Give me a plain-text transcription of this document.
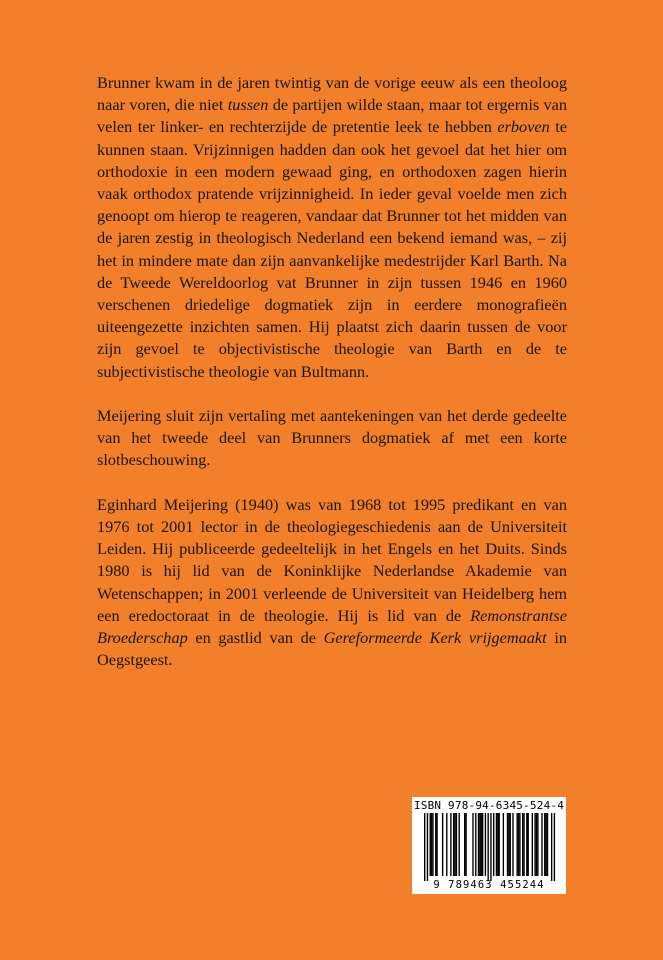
Brunner kwam in de jaren twintig van de vorige eeuw als een theoloog naar voren, die niet tussen de partijen wilde staan, maar tot ergernis van velen ter linker- en rechterzijde de pretentie leek te hebben erboven te kunnen staan. Vrijzinnigen hadden dan ook het gevoel dat het hier om orthodoxie in een modern gewaad ging, en orthodoxen zagen hierin vaak orthodox pratende vrijzinnigheid. In ieder geval voelde men zich genoopt om hierop te reageren, vandaar dat Brunner tot het midden van de jaren zestig in theologisch Nederland een bekend iemand was, – zij het in mindere mate dan zijn aanvankelijke medestrijder Karl Barth. Na de Tweede Wereldoorlog vat Brunner in zijn tussen 1946 en 1960 verschenen driedelige dogmatiek zijn in eerdere monografieën uiteengezette inzichten samen. Hij plaatst zich daarin tussen de voor zijn gevoel te objectivistische theologie van Barth en de te subjectivistische theologie van Bultmann.

Meijering sluit zijn vertaling met aantekeningen van het derde gedeelte van het tweede deel van Brunners dogmatiek af met een korte slotbeschouwing.

Eginhard Meijering (1940) was van 1968 tot 1995 predikant en van 1976 tot 2001 lector in de theologiegeschiedenis aan de Universiteit Leiden. Hij publiceerde gedeeltelijk in het Engels en het Duits. Sinds 1980 is hij lid van de Koninklijke Nederlandse Akademie van Wetenschappen; in 2001 verleende de Universiteit van Heidelberg hem een eredoctoraat in de theologie. Hij is lid van de Remonstrantse Broederschap en gastlid van de Gereformeerde Kerk vrijgemaakt in Oegstgeest.

ISBN 978-94-6345-524-4
9 789463 455244
